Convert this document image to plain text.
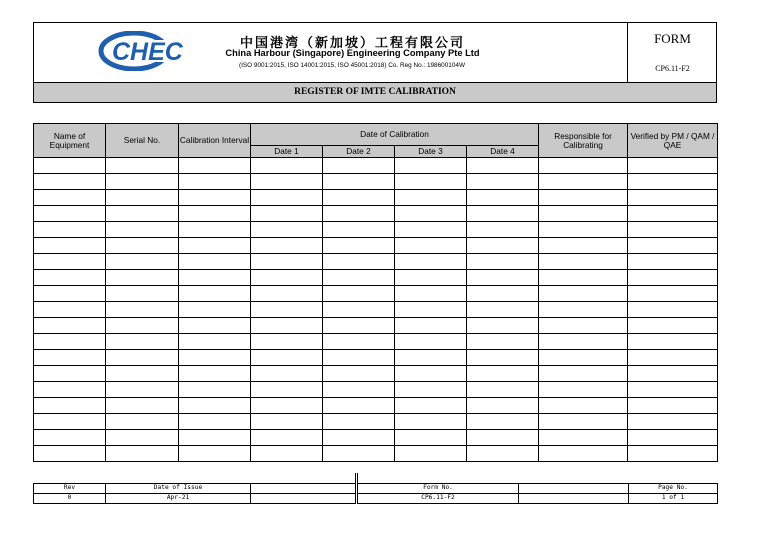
CHEC	中国港湾（新加坡）工程有限公司
China Harbour (Singapore) Engineering Company Pte Ltd
(ISO 9001:2015, ISO 14001:2015, ISO 45001:2018) Co. Reg No.: 198600104W
FORM
CP6.11-F2
REGISTER OF IMTE CALIBRATION
Name of Equipment	Serial No.	Calibration Interval	Date of Calibration				Responsible for Calibrating	Verified by PM / QAM / QAE
			Date 1	Date 2	Date 3	Date 4		

Rev	Date of Issue		Form No.		Page No.
0	Apr-21		CP6.11-F2		1 of 1
